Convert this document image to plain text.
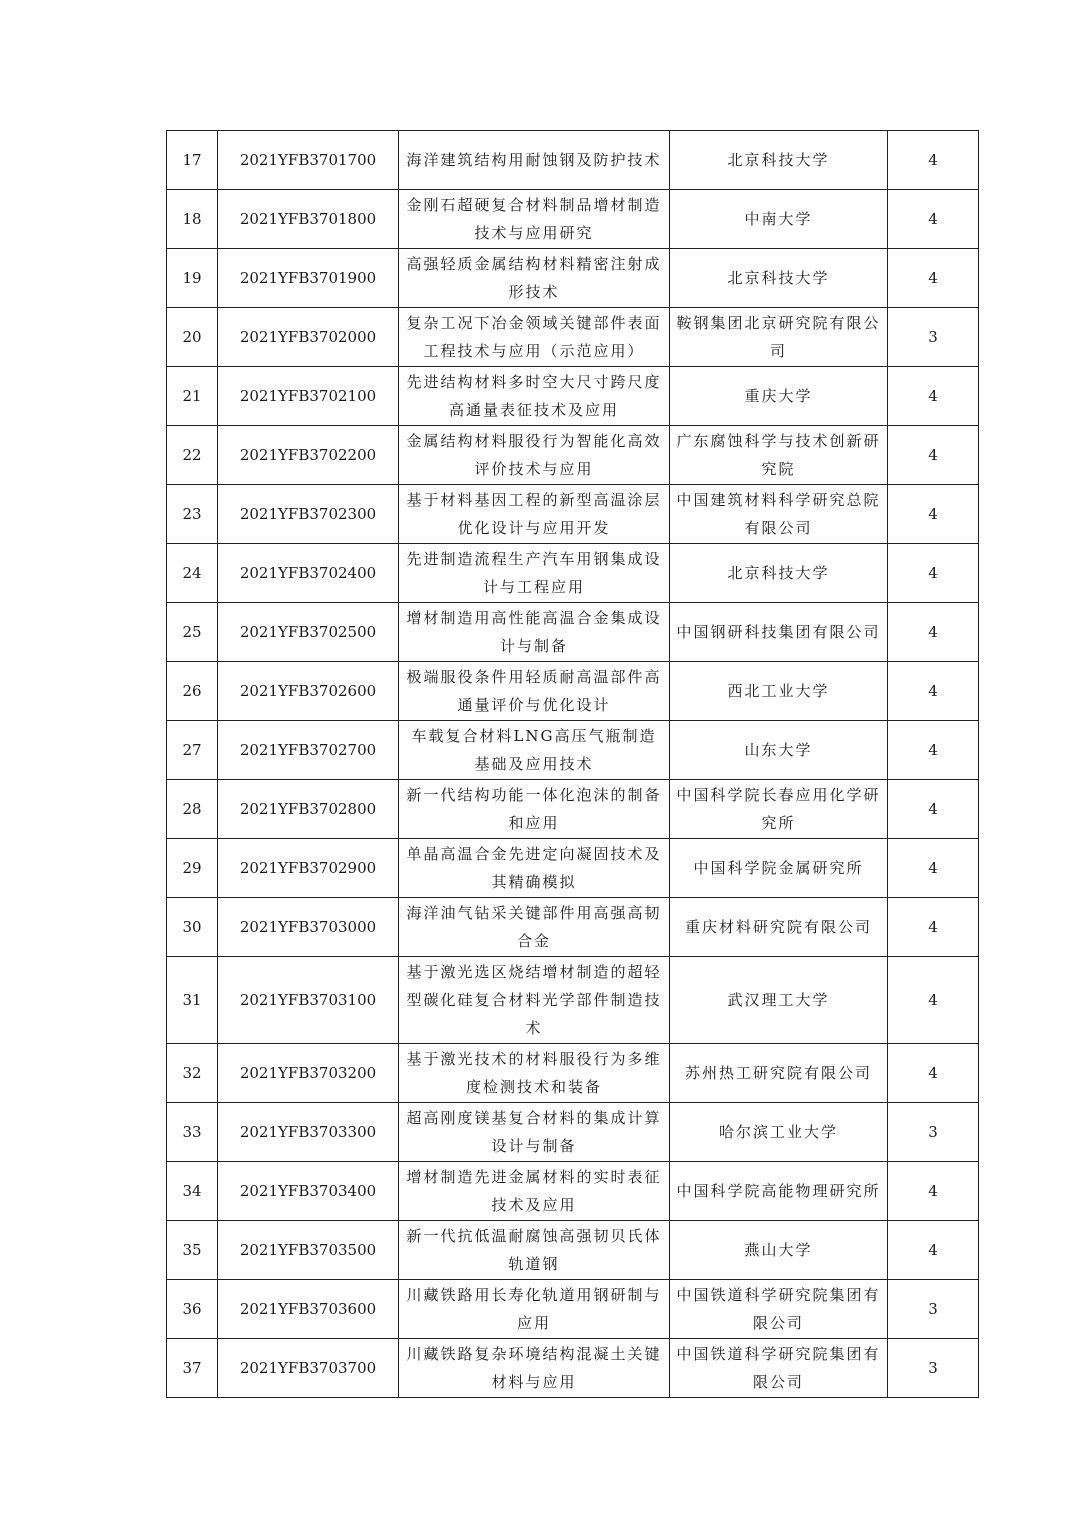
17	2021YFB3701700	海洋建筑结构用耐蚀钢及防护技术	北京科技大学	4
18	2021YFB3701800	金刚石超硬复合材料制品增材制造技术与应用研究	中南大学	4
19	2021YFB3701900	高强轻质金属结构材料精密注射成形技术	北京科技大学	4
20	2021YFB3702000	复杂工况下冶金领域关键部件表面工程技术与应用（示范应用）	鞍钢集团北京研究院有限公司	3
21	2021YFB3702100	先进结构材料多时空大尺寸跨尺度高通量表征技术及应用	重庆大学	4
22	2021YFB3702200	金属结构材料服役行为智能化高效评价技术与应用	广东腐蚀科学与技术创新研究院	4
23	2021YFB3702300	基于材料基因工程的新型高温涂层优化设计与应用开发	中国建筑材料科学研究总院有限公司	4
24	2021YFB3702400	先进制造流程生产汽车用钢集成设计与工程应用	北京科技大学	4
25	2021YFB3702500	增材制造用高性能高温合金集成设计与制备	中国钢研科技集团有限公司	4
26	2021YFB3702600	极端服役条件用轻质耐高温部件高通量评价与优化设计	西北工业大学	4
27	2021YFB3702700	车载复合材料LNG高压气瓶制造基础及应用技术	山东大学	4
28	2021YFB3702800	新一代结构功能一体化泡沫的制备和应用	中国科学院长春应用化学研究所	4
29	2021YFB3702900	单晶高温合金先进定向凝固技术及其精确模拟	中国科学院金属研究所	4
30	2021YFB3703000	海洋油气钻采关键部件用高强高韧合金	重庆材料研究院有限公司	4
31	2021YFB3703100	基于激光选区烧结增材制造的超轻型碳化硅复合材料光学部件制造技术	武汉理工大学	4
32	2021YFB3703200	基于激光技术的材料服役行为多维度检测技术和装备	苏州热工研究院有限公司	4
33	2021YFB3703300	超高刚度镁基复合材料的集成计算设计与制备	哈尔滨工业大学	3
34	2021YFB3703400	增材制造先进金属材料的实时表征技术及应用	中国科学院高能物理研究所	4
35	2021YFB3703500	新一代抗低温耐腐蚀高强韧贝氏体轨道钢	燕山大学	4
36	2021YFB3703600	川藏铁路用长寿化轨道用钢研制与应用	中国铁道科学研究院集团有限公司	3
37	2021YFB3703700	川藏铁路复杂环境结构混凝土关键材料与应用	中国铁道科学研究院集团有限公司	3
